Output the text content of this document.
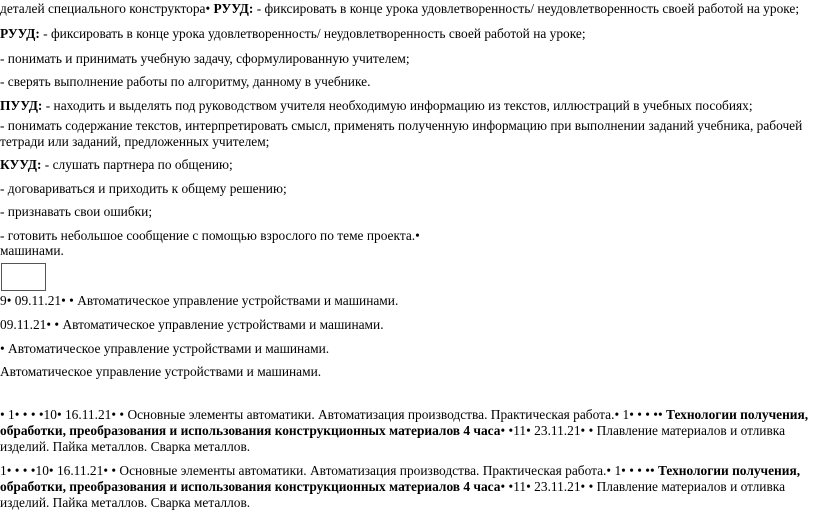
деталей специального конструктора• РУУД: - фиксировать в конце урока удовлетворенность/ неудовлетворенность своей работой на уроке;
РУУД: - фиксировать в конце урока удовлетворенность/ неудовлетворенность своей работой на уроке;
- понимать и принимать учебную задачу, сформулированную учителем;
- сверять выполнение работы по алгоритму, данному в учебнике.
ПУУД: - находить и выделять под руководством учителя необходимую информацию из текстов, иллюстраций в учебных пособиях;
- понимать содержание текстов, интерпретировать смысл, применять полученную информацию при выполнении заданий учебника, рабочей тетради или заданий, предложенных учителем;
КУУД: - слушать партнера по общению;
- договариваться и приходить к общему решению;
- признавать свои ошибки;
- готовить небольшое сообщение с помощью взрослого по теме проекта.•
машинами.
9• 09.11.21• • Автоматическое управление устройствами и машинами.
09.11.21• • Автоматическое управление устройствами и машинами.
• Автоматическое управление устройствами и машинами.
Автоматическое управление устройствами и машинами.
• 1• • • •10• 16.11.21• • Основные элементы автоматики. Автоматизация производства. Практическая работа.• 1• • • •• Технологии получения, обработки, преобразования и использования конструкционных материалов 4 часа• •11• 23.11.21• • Плавление материалов и отливка изделий. Пайка металлов. Сварка металлов.
1• • • •10• 16.11.21• • Основные элементы автоматики. Автоматизация производства. Практическая работа.• 1• • • •• Технологии получения, обработки, преобразования и использования конструкционных материалов 4 часа• •11• 23.11.21• • Плавление материалов и отливка изделий. Пайка металлов. Сварка металлов.
